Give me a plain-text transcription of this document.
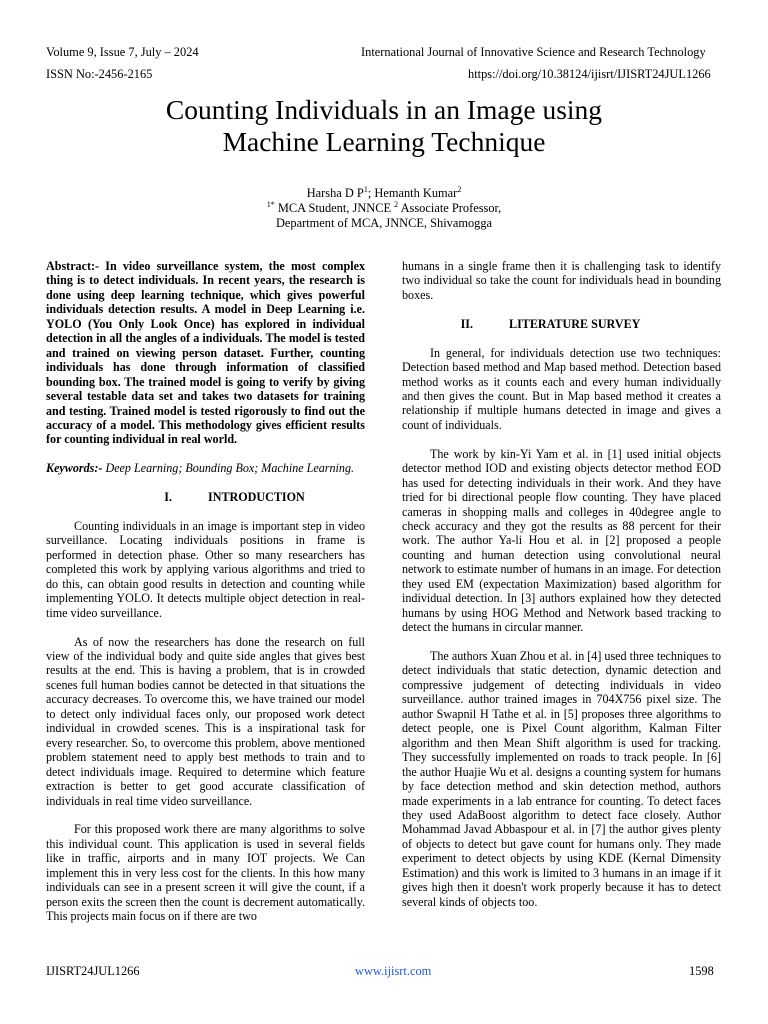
Volume 9, Issue 7, July – 2024	International Journal of Innovative Science and Research Technology
ISSN No:-2456-2165	https://doi.org/10.38124/ijisrt/IJISRT24JUL1266
Counting Individuals in an Image using
Machine Learning Technique
Harsha D $P^1$; Hemanth Kumar$^2$
$^{1*}$ MCA Student, JNNCE $^2$ Associate Professor,
Department of MCA, JNNCE, Shivamogga

Abstract:- In video surveillance system, the most complex thing is to detect individuals. In recent years, the research is done using deep learning technique, which gives powerful individuals detection results. A model in Deep Learning i.e. YOLO (You Only Look Once) has explored in individual detection in all the angles of a individuals. The model is tested and trained on viewing person dataset. Further, counting individuals has done through information of classified bounding box. The trained model is going to verify by giving several testable data set and takes two datasets for training and testing. Trained model is tested rigorously to find out the accuracy of a model. This methodology gives efficient results for counting individual in real world.

Keywords:- Deep Learning; Bounding Box; Machine Learning.

I.	INTRODUCTION

Counting individuals in an image is important step in video surveillance. Locating individuals positions in frame is performed in detection phase. Other so many researchers has completed this work by applying various algorithms and tried to do this, can obtain good results in detection and counting while implementing YOLO. It detects multiple object detection in real-time video surveillance.

As of now the researchers has done the research on full view of the individual body and quite side angles that gives best results at the end. This is having a problem, that is in crowded scenes full human bodies cannot be detected in that situations the accuracy decreases. To overcome this, we have trained our model to detect only individual faces only, our proposed work detect individual in crowded scenes. This is a inspirational task for every researcher. So, to overcome this problem, above mentioned problem statement need to apply best methods to train and to detect individuals image. Required to determine which feature extraction is better to get good accurate classification of individuals in real time video surveillance.

For this proposed work there are many algorithms to solve this individual count. This application is used in several fields like in traffic, airports and in many IOT projects. We Can implement this in very less cost for the clients. In this how many individuals can see in a present screen it will give the count, if a person exits the screen then the count is decrement automatically. This projects main focus on if there are two

humans in a single frame then it is challenging task to identify two individual so take the count for individuals head in bounding boxes.

II.	LITERATURE SURVEY

In general, for individuals detection use two techniques: Detection based method and Map based method. Detection based method works as it counts each and every human individually and then gives the count. But in Map based method it creates a relationship if multiple humans detected in image and gives a count of individuals.

The work by kin-Yi Yam et al. in [1] used initial objects detector method IOD and existing objects detector method EOD has used for detecting individuals in their work. And they have tried for bi directional people flow counting. They have placed cameras in shopping malls and colleges in 40degree angle to check accuracy and they got the results as 88 percent for their work. The author Ya-li Hou et al. in [2] proposed a people counting and human detection using convolutional neural network to estimate number of humans in an image. For detection they used EM (expectation Maximization) based algorithm for individual detection. In [3] authors explained how they detected humans by using HOG Method and Network based tracking to detect the humans in circular manner.

The authors Xuan Zhou et al. in [4] used three techniques to detect individuals that static detection, dynamic detection and compressive judgement of detecting individuals in video surveillance. author trained images in 704X756 pixel size. The author Swapnil H Tathe et al. in [5] proposes three algorithms to detect people, one is Pixel Count algorithm, Kalman Filter algorithm and then Mean Shift algorithm is used for tracking. They successfully implemented on roads to track people. In [6] the author Huajie Wu et al. designs a counting system for humans by face detection method and skin detection method, authors made experiments in a lab entrance for counting. To detect faces they used AdaBoost algorithm to detect face closely. Author Mohammad Javad Abbaspour et al. in [7] the author gives plenty of objects to detect but gave count for humans only. They made experiment to detect objects by using KDE (Kernal Dimensity Estimation) and this work is limited to 3 humans in an image if it gives high then it doesn't work properly because it has to detect several kinds of objects too.

IJISRT24JUL1266	www.ijisrt.com	1598
